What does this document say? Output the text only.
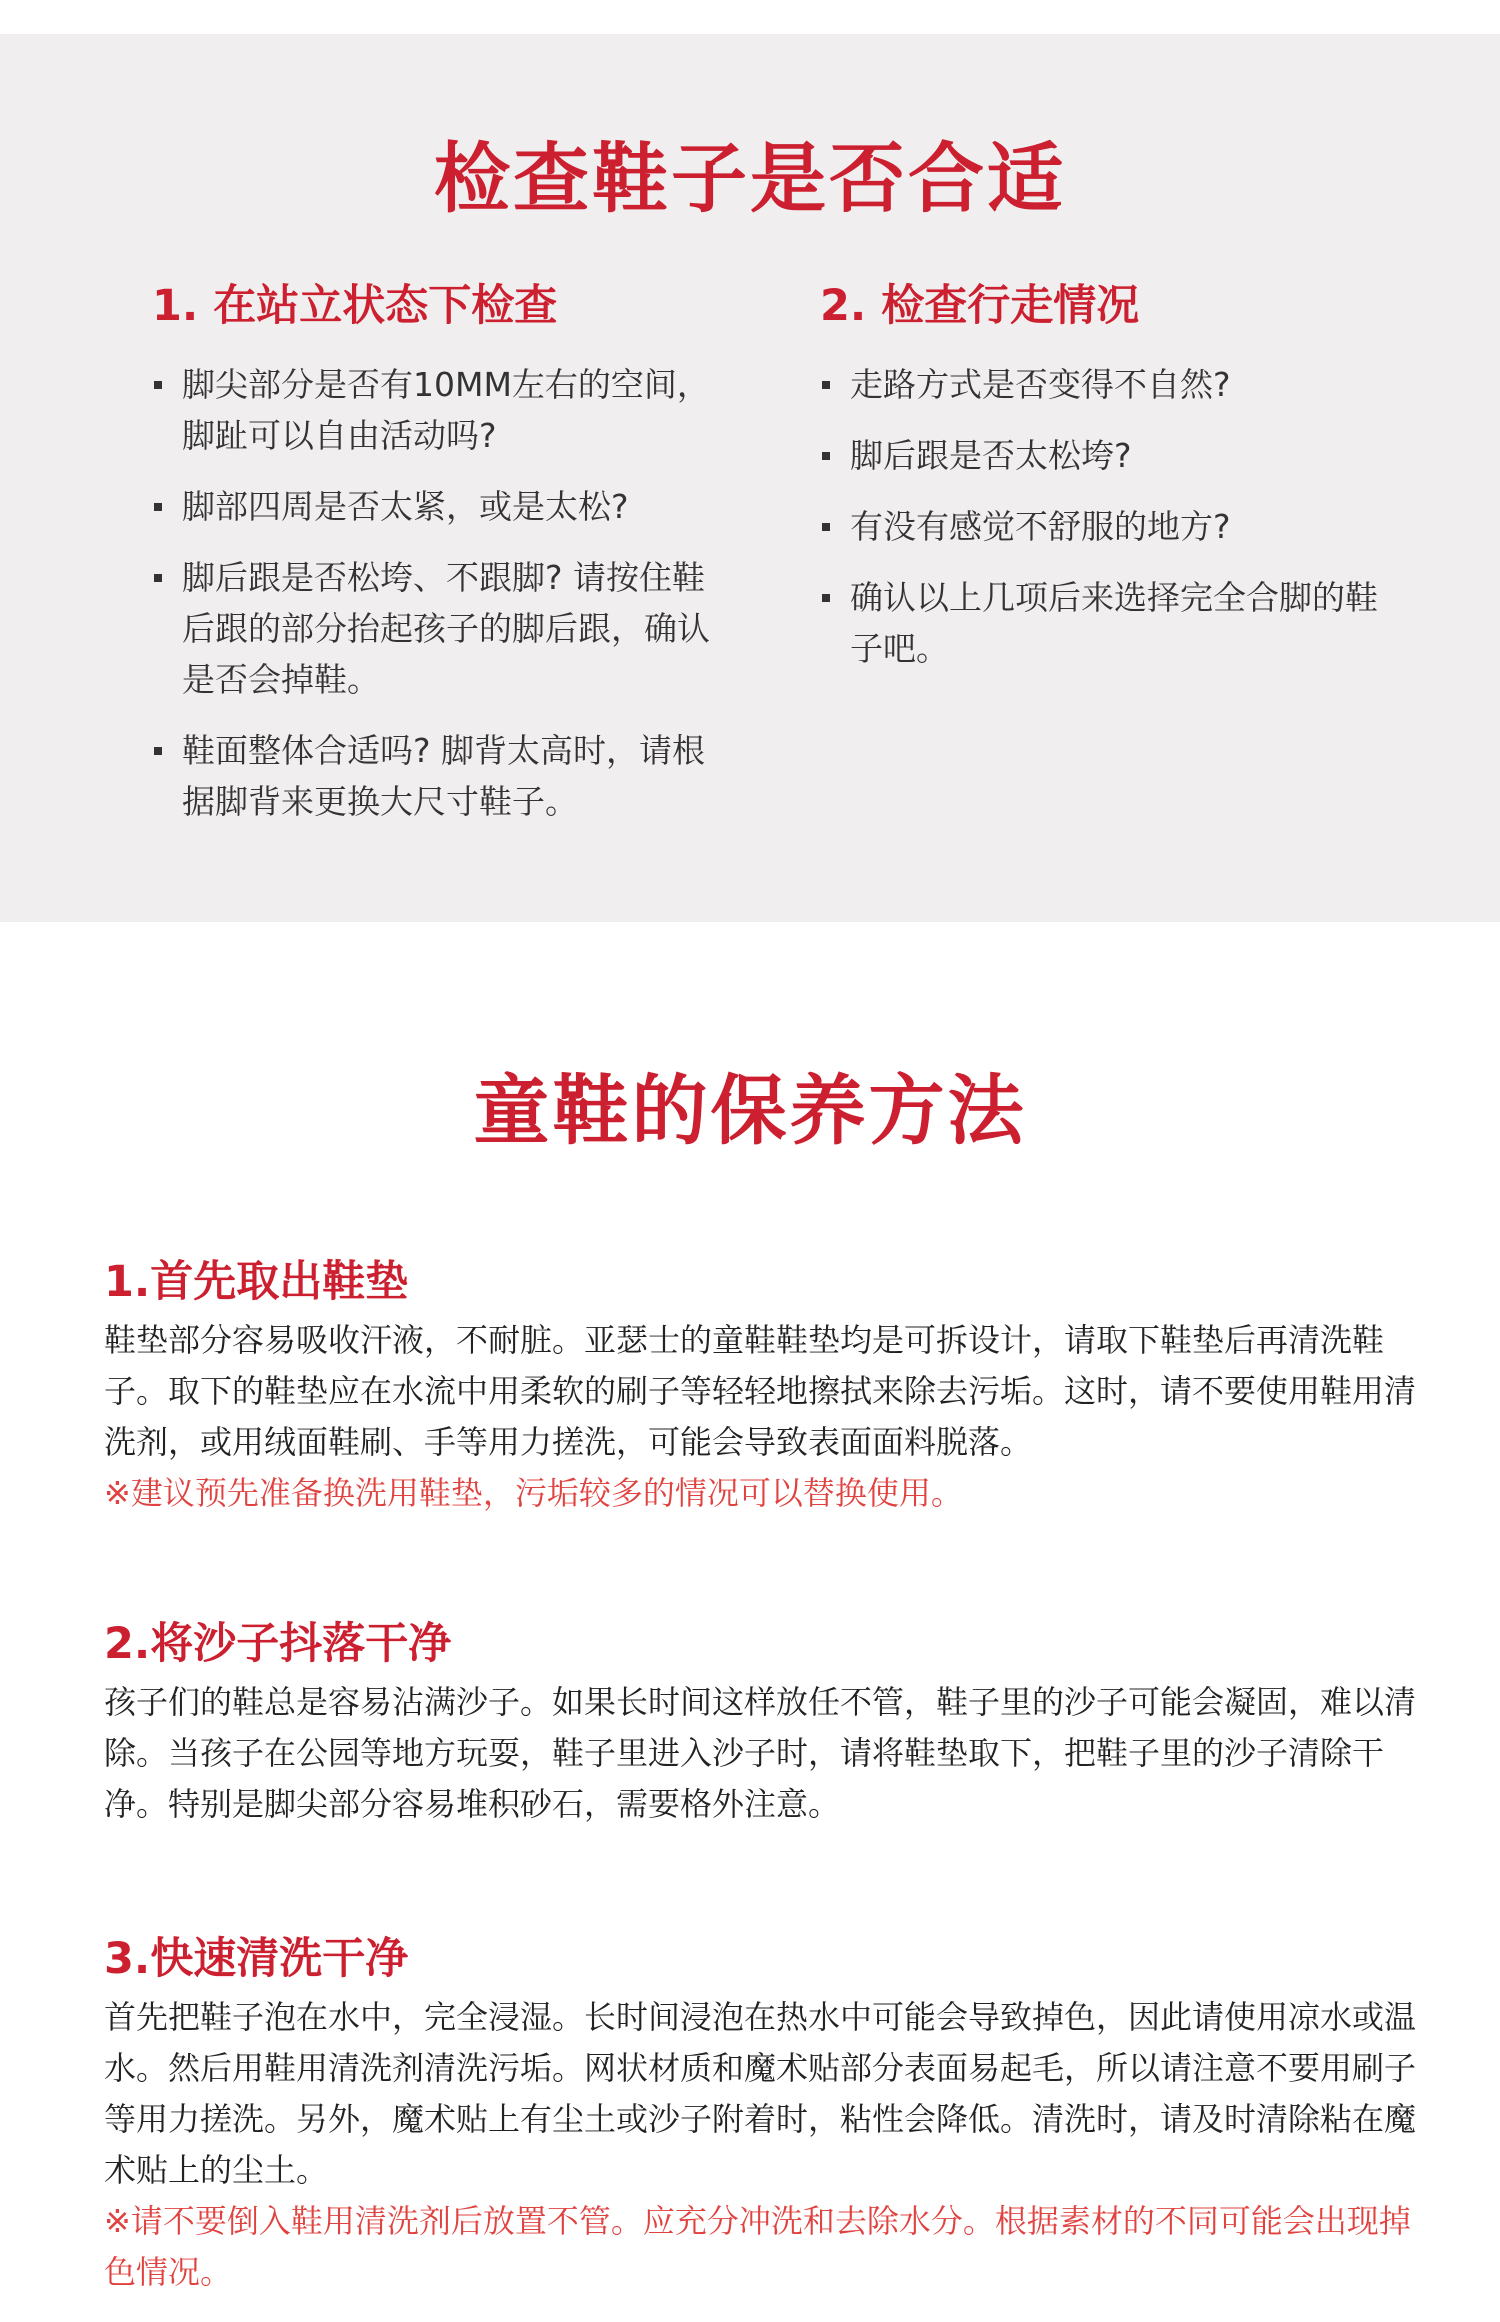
检查鞋子是否合适
1. 在站立状态下检查
脚尖部分是否有10MM左右的空间，脚趾可以自由活动吗?
脚部四周是否太紧，或是太松?
脚后跟是否松垮、不跟脚? 请按住鞋后跟的部分抬起孩子的脚后跟，确认是否会掉鞋。
鞋面整体合适吗? 脚背太高时，请根据脚背来更换大尺寸鞋子。
2. 检查行走情况
走路方式是否变得不自然?
脚后跟是否太松垮?
有没有感觉不舒服的地方?
确认以上几项后来选择完全合脚的鞋子吧。
童鞋的保养方法
1.首先取出鞋垫

鞋垫部分容易吸收汗液，不耐脏。亚瑟士的童鞋鞋垫均是可拆设计，请取下鞋垫后再清洗鞋子。取下的鞋垫应在水流中用柔软的刷子等轻轻地擦拭来除去污垢。这时，请不要使用鞋用清洗剂，或用绒面鞋刷、手等用力搓洗，可能会导致表面面料脱落。

※建议预先准备换洗用鞋垫，污垢较多的情况可以替换使用。

2.将沙子抖落干净

孩子们的鞋总是容易沾满沙子。如果长时间这样放任不管，鞋子里的沙子可能会凝固，难以清除。当孩子在公园等地方玩耍，鞋子里进入沙子时，请将鞋垫取下，把鞋子里的沙子清除干净。特别是脚尖部分容易堆积砂石，需要格外注意。

3.快速清洗干净

首先把鞋子泡在水中，完全浸湿。长时间浸泡在热水中可能会导致掉色，因此请使用凉水或温水。然后用鞋用清洗剂清洗污垢。网状材质和魔术贴部分表面易起毛，所以请注意不要用刷子等用力搓洗。另外，魔术贴上有尘土或沙子附着时，粘性会降低。清洗时，请及时清除粘在魔术贴上的尘土。

※请不要倒入鞋用清洗剂后放置不管。应充分冲洗和去除水分。根据素材的不同可能会出现掉色情况。
